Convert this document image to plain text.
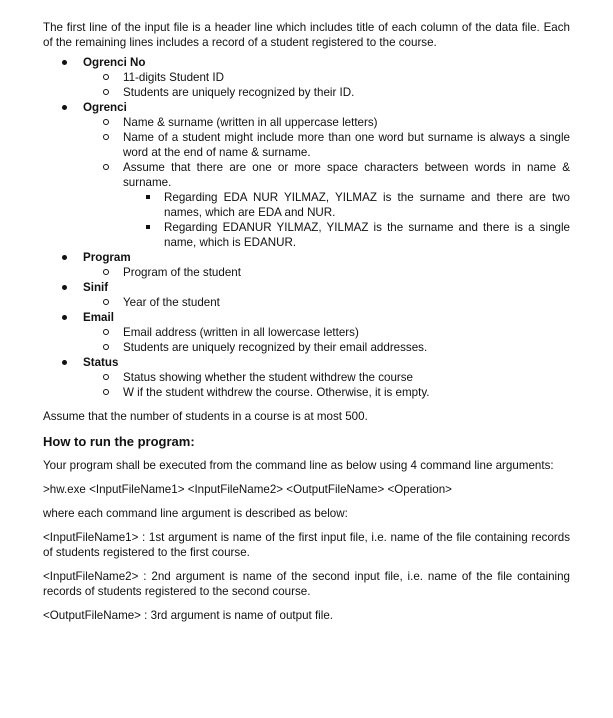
The first line of the input file is a header line which includes title of each column of the data file. Each of the remaining lines includes a record of a student registered to the course.

Ogrenci No
11-digits Student ID
Students are uniquely recognized by their ID.
Ogrenci
Name & surname (written in all uppercase letters)
Name of a student might include more than one word but surname is always a single word at the end of name & surname.
Assume that there are one or more space characters between words in name & surname.
Regarding EDA NUR YILMAZ, YILMAZ is the surname and there are two names, which are EDA and NUR.
Regarding EDANUR YILMAZ, YILMAZ is the surname and there is a single name, which is EDANUR.
Program
Program of the student
Sinif
Year of the student
Email
Email address (written in all lowercase letters)
Students are uniquely recognized by their email addresses.
Status
Status showing whether the student withdrew the course
W if the student withdrew the course. Otherwise, it is empty.

Assume that the number of students in a course is at most 500.

How to run the program:

Your program shall be executed from the command line as below using 4 command line arguments:

>hw.exe <InputFileName1> <InputFileName2> <OutputFileName> <Operation>

where each command line argument is described as below:

<InputFileName1> : 1st argument is name of the first input file, i.e. name of the file containing records of students registered to the first course.

<InputFileName2> : 2nd argument is name of the second input file, i.e. name of the file containing records of students registered to the second course.

<OutputFileName> : 3rd argument is name of output file.
